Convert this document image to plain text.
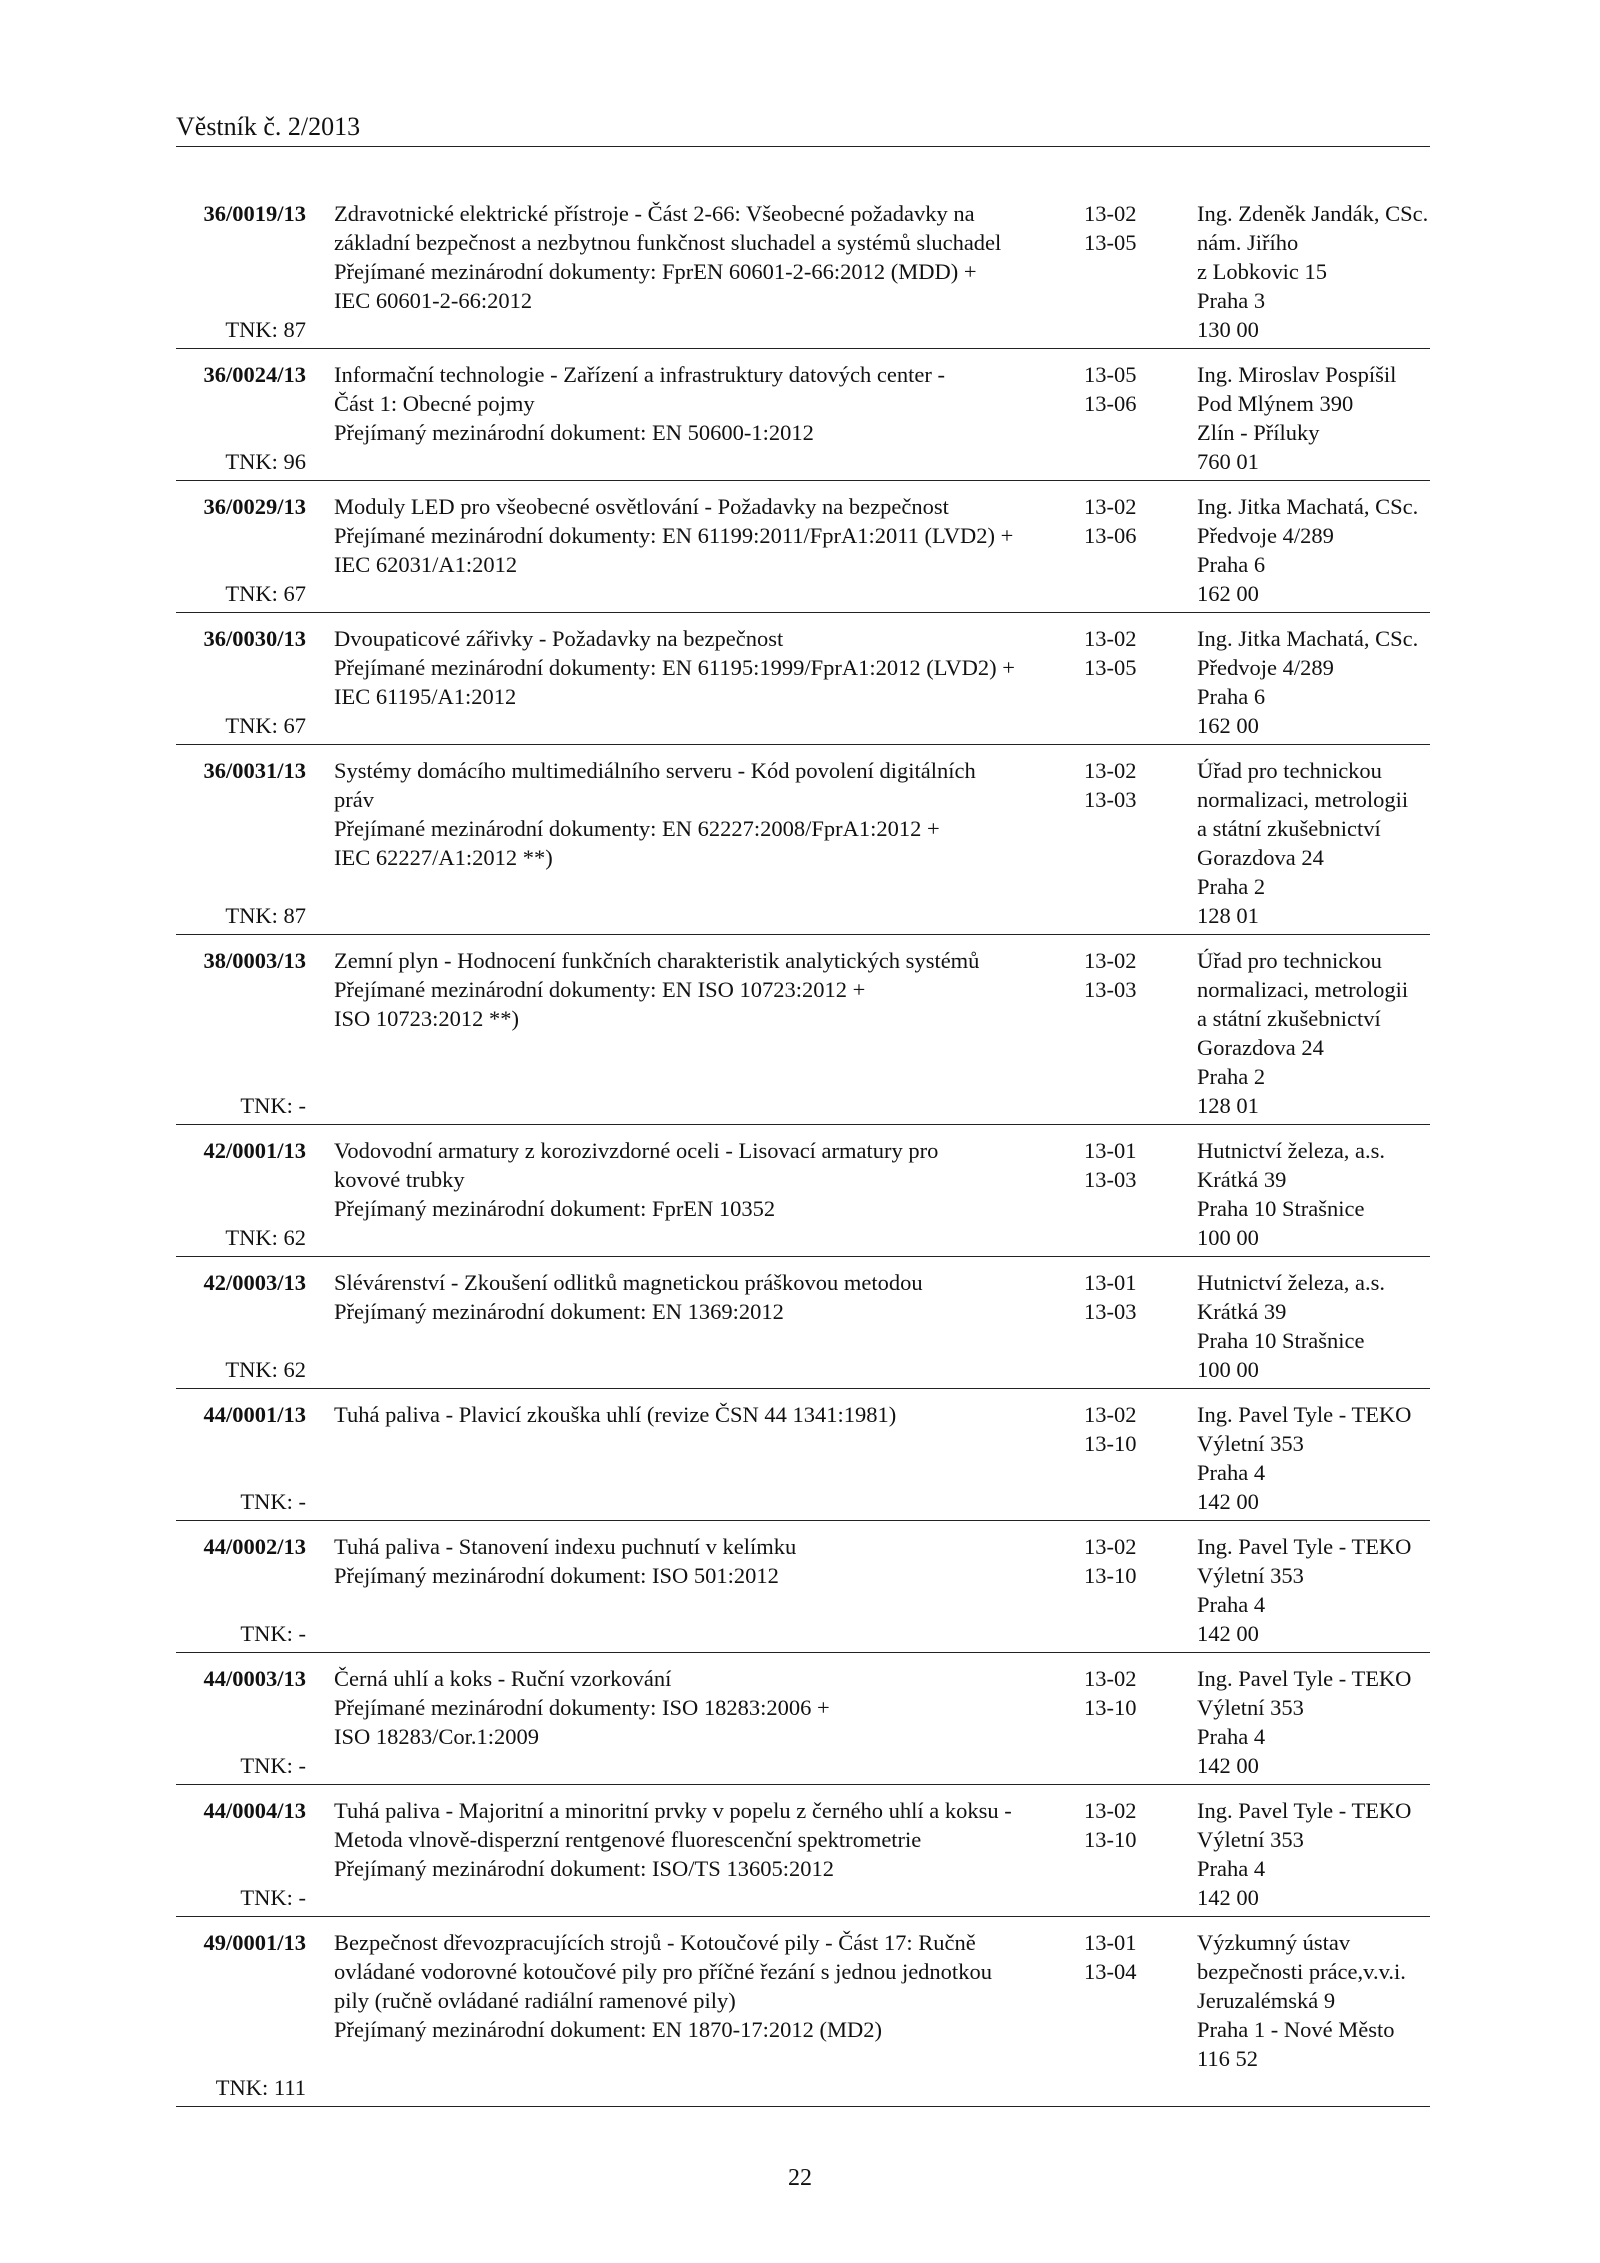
Věstník č. 2/2013
36/0019/13
TNK: 87
Zdravotnické elektrické přístroje - Část 2-66: Všeobecné požadavky na
základní bezpečnost a nezbytnou funkčnost sluchadel a systémů sluchadel
Přejímané mezinárodní dokumenty: FprEN 60601-2-66:2012 (MDD) +
IEC 60601-2-66:2012

13-02
13-05
Ing. Zdeněk Jandák, CSc.
nám. Jiřího
z Lobkovic 15
Praha 3
130 00
36/0024/13
TNK: 96
Informační technologie - Zařízení a infrastruktury datových center -
Část 1: Obecné pojmy
Přejímaný mezinárodní dokument: EN 50600-1:2012

13-05
13-06
Ing. Miroslav Pospíšil
Pod Mlýnem 390
Zlín - Příluky
760 01
36/0029/13
TNK: 67
Moduly LED pro všeobecné osvětlování - Požadavky na bezpečnost
Přejímané mezinárodní dokumenty: EN 61199:2011/FprA1:2011 (LVD2) +
IEC 62031/A1:2012

13-02
13-06
Ing. Jitka Machatá, CSc.
Předvoje 4/289
Praha 6
162 00
36/0030/13
TNK: 67
Dvoupaticové zářivky - Požadavky na bezpečnost
Přejímané mezinárodní dokumenty: EN 61195:1999/FprA1:2012 (LVD2) +
IEC 61195/A1:2012

13-02
13-05
Ing. Jitka Machatá, CSc.
Předvoje 4/289
Praha 6
162 00
36/0031/13
TNK: 87
Systémy domácího multimediálního serveru - Kód povolení digitálních
práv
Přejímané mezinárodní dokumenty: EN 62227:2008/FprA1:2012 +
IEC 62227/A1:2012 **)

13-02
13-03
Úřad pro technickou
normalizaci, metrologii
a státní zkušebnictví
Gorazdova 24
Praha 2
128 01
38/0003/13
TNK: -
Zemní plyn - Hodnocení funkčních charakteristik analytických systémů
Přejímané mezinárodní dokumenty: EN ISO 10723:2012 +
ISO 10723:2012 **)

13-02
13-03
Úřad pro technickou
normalizaci, metrologii
a státní zkušebnictví
Gorazdova 24
Praha 2
128 01
42/0001/13
TNK: 62
Vodovodní armatury z korozivzdorné oceli - Lisovací armatury pro
kovové trubky
Přejímaný mezinárodní dokument: FprEN 10352

13-01
13-03
Hutnictví železa, a.s.
Krátká 39
Praha 10 Strašnice
100 00
42/0003/13
TNK: 62
Slévárenství - Zkoušení odlitků magnetickou práškovou metodou
Přejímaný mezinárodní dokument: EN 1369:2012

13-01
13-03
Hutnictví železa, a.s.
Krátká 39
Praha 10 Strašnice
100 00
44/0001/13
TNK: -
Tuhá paliva - Plavicí zkouška uhlí (revize ČSN 44 1341:1981)

	13-02
13-10
Ing. Pavel Tyle - TEKO
Výletní 353
Praha 4
142 00
44/0002/13
TNK: -
Tuhá paliva - Stanovení indexu puchnutí v kelímku
Přejímaný mezinárodní dokument: ISO 501:2012

13-02
13-10
Ing. Pavel Tyle - TEKO
Výletní 353
Praha 4
142 00
44/0003/13
TNK: -
Černá uhlí a koks - Ruční vzorkování
Přejímané mezinárodní dokumenty: ISO 18283:2006 +
ISO 18283/Cor.1:2009

13-02
13-10
Ing. Pavel Tyle - TEKO
Výletní 353
Praha 4
142 00
44/0004/13
TNK: -
Tuhá paliva - Majoritní a minoritní prvky v popelu z černého uhlí a koksu -
Metoda vlnově-disperzní rentgenové fluorescenční spektrometrie
Přejímaný mezinárodní dokument: ISO/TS 13605:2012

13-02
13-10
Ing. Pavel Tyle - TEKO
Výletní 353
Praha 4
142 00
49/0001/13
TNK: 111
Bezpečnost dřevozpracujících strojů - Kotoučové pily - Část 17: Ručně
ovládané vodorovné kotoučové pily pro příčné řezání s jednou jednotkou
pily (ručně ovládané radiální ramenové pily)
Přejímaný mezinárodní dokument: EN 1870-17:2012 (MD2)

13-01
13-04
Výzkumný ústav
bezpečnosti práce,v.v.i.
Jeruzalémská 9
Praha 1 - Nové Město
116 52
22
